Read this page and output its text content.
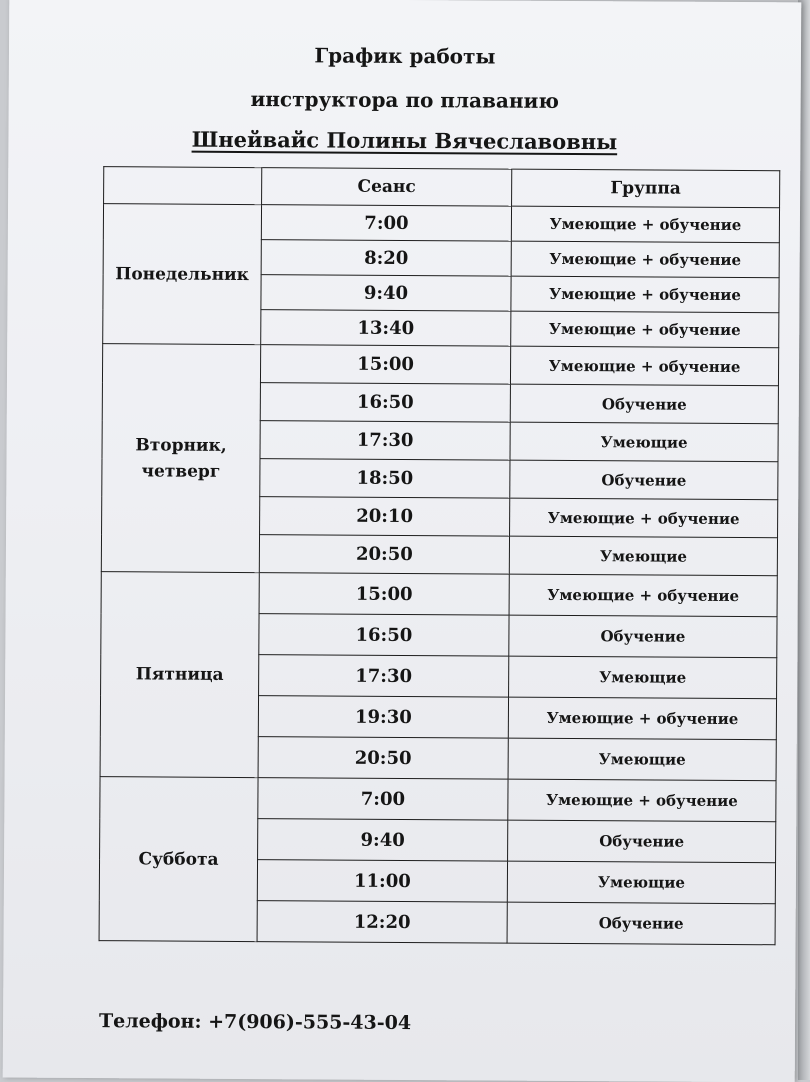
График работы
инструктора по плаванию
Шнейвайс Полины Вячеславовны
	Сеанс	Группа
Понедельник	7:00	Умеющие + обучение
	8:20	Умеющие + обучение
	9:40	Умеющие + обучение
	13:40	Умеющие + обучение
Вторник,
четверг	15:00	Умеющие + обучение
	16:50	Обучение
	17:30	Умеющие
	18:50	Обучение
	20:10	Умеющие + обучение
	20:50	Умеющие
Пятница	15:00	Умеющие + обучение
	16:50	Обучение
	17:30	Умеющие
	19:30	Умеющие + обучение
	20:50	Умеющие
Суббота	7:00	Умеющие + обучение
	9:40	Обучение
	11:00	Умеющие
	12:20	Обучение
Телефон: +7(906)-555-43-04
